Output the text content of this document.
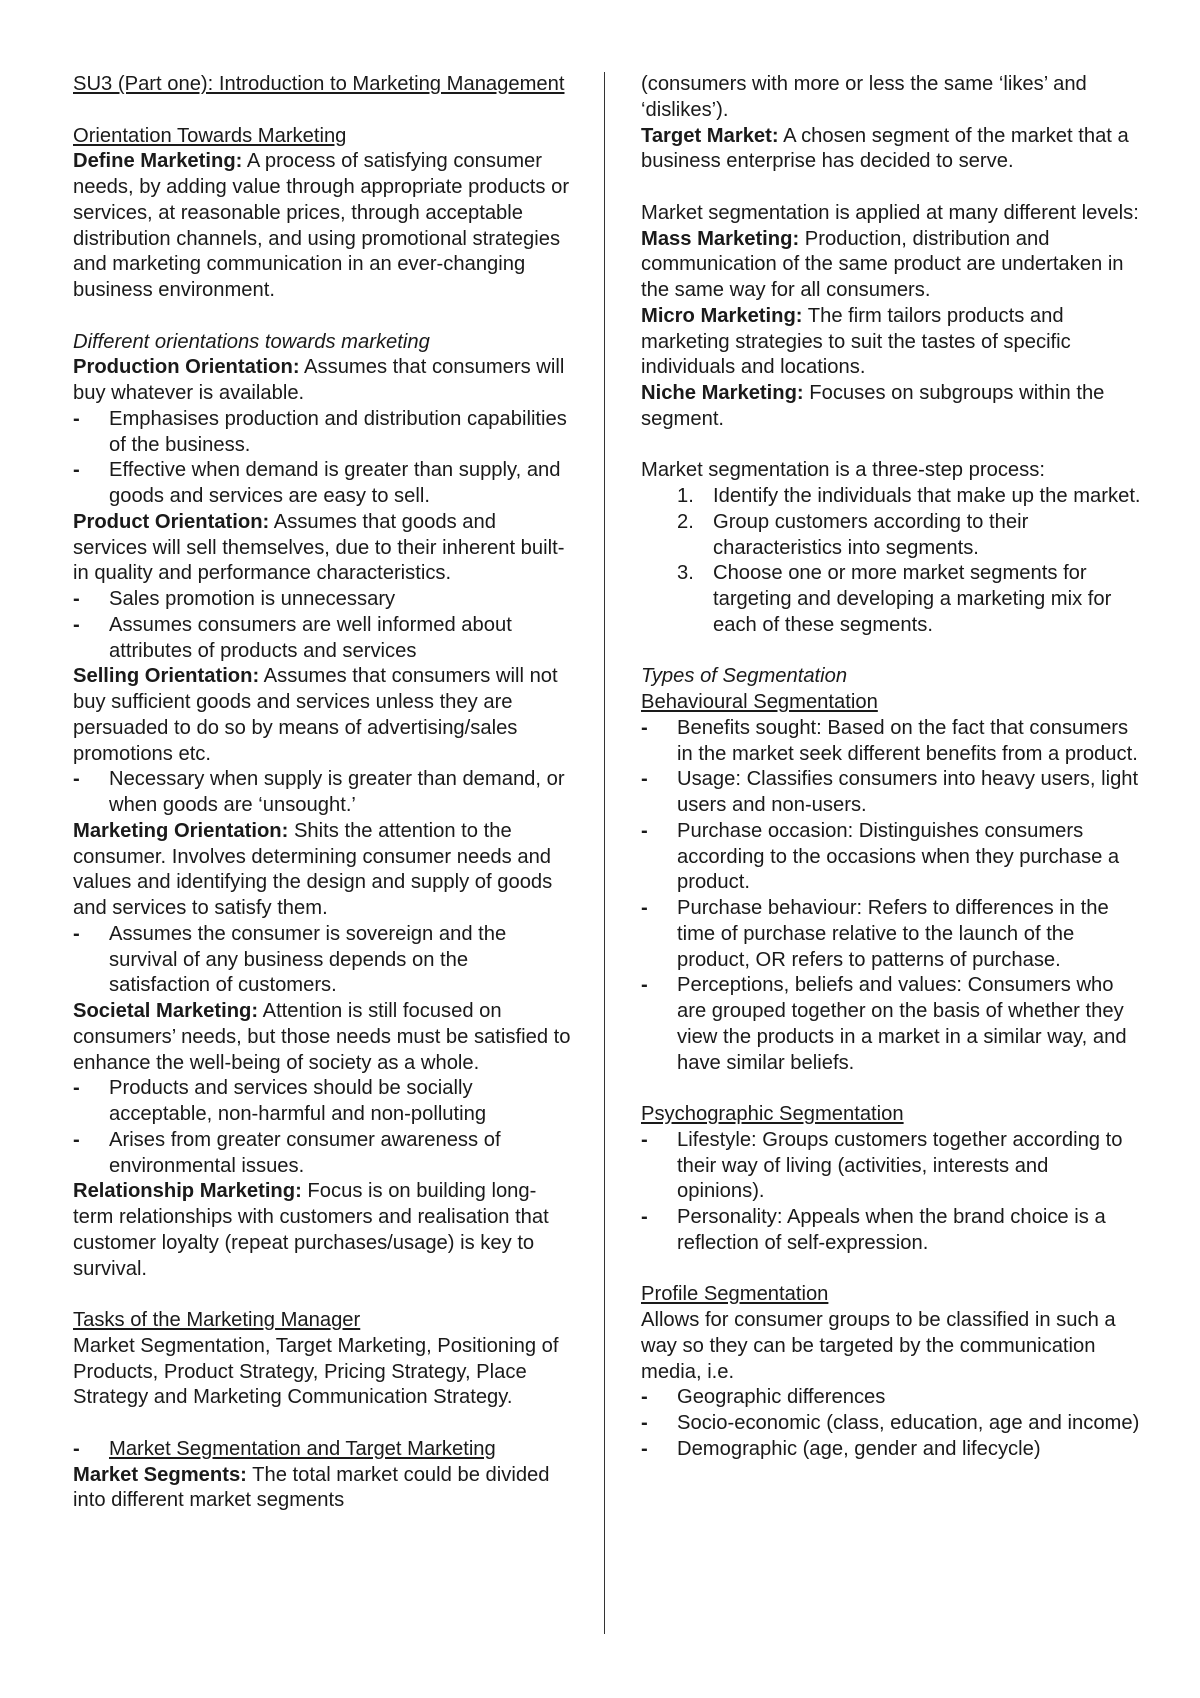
SU3 (Part one): Introduction to Marketing Management

Orientation Towards Marketing

Define Marketing: A process of satisfying consumer needs, by adding value through appropriate products or services, at reasonable prices, through acceptable distribution channels, and using promotional strategies and marketing communication in an ever-changing business environment.

Different orientations towards marketing

Production Orientation: Assumes that consumers will buy whatever is available.

- Emphasises production and distribution capabilities of the business.
- Effective when demand is greater than supply, and goods and services are easy to sell.

Product Orientation: Assumes that goods and services will sell themselves, due to their inherent built-in quality and performance characteristics.

- Sales promotion is unnecessary
- Assumes consumers are well informed about attributes of products and services

Selling Orientation: Assumes that consumers will not buy sufficient goods and services unless they are persuaded to do so by means of advertising/sales promotions etc.

- Necessary when supply is greater than demand, or when goods are ‘unsought.’

Marketing Orientation: Shits the attention to the consumer. Involves determining consumer needs and values and identifying the design and supply of goods and services to satisfy them.

- Assumes the consumer is sovereign and the survival of any business depends on the satisfaction of customers.

Societal Marketing: Attention is still focused on consumers’ needs, but those needs must be satisfied to enhance the well-being of society as a whole.

- Products and services should be socially acceptable, non-harmful and non-polluting
- Arises from greater consumer awareness of environmental issues.

Relationship Marketing: Focus is on building long-term relationships with customers and realisation that customer loyalty (repeat purchases/usage) is key to survival.

Tasks of the Marketing Manager

Market Segmentation, Target Marketing, Positioning of Products, Product Strategy, Pricing Strategy, Place Strategy and Marketing Communication Strategy.

- Market Segmentation and Target Marketing

Market Segments: The total market could be divided into different market segments

(consumers with more or less the same ‘likes’ and ‘dislikes’).

Target Market: A chosen segment of the market that a business enterprise has decided to serve.

Market segmentation is applied at many different levels:

Mass Marketing: Production, distribution and communication of the same product are undertaken in the same way for all consumers.

Micro Marketing: The firm tailors products and marketing strategies to suit the tastes of specific individuals and locations.

Niche Marketing: Focuses on subgroups within the segment.

Market segmentation is a three-step process:

1. Identify the individuals that make up the market.
2. Group customers according to their characteristics into segments.
3. Choose one or more market segments for targeting and developing a marketing mix for each of these segments.

Types of Segmentation

Behavioural Segmentation

- Benefits sought: Based on the fact that consumers in the market seek different benefits from a product.
- Usage: Classifies consumers into heavy users, light users and non-users.
- Purchase occasion: Distinguishes consumers according to the occasions when they purchase a product.
- Purchase behaviour: Refers to differences in the time of purchase relative to the launch of the product, OR refers to patterns of purchase.
- Perceptions, beliefs and values: Consumers who are grouped together on the basis of whether they view the products in a market in a similar way, and have similar beliefs.

Psychographic Segmentation

- Lifestyle: Groups customers together according to their way of living (activities, interests and opinions).
- Personality: Appeals when the brand choice is a reflection of self-expression.

Profile Segmentation

Allows for consumer groups to be classified in such a way so they can be targeted by the communication media, i.e.

- Geographic differences
- Socio-economic (class, education, age and income)
- Demographic (age, gender and lifecycle)
